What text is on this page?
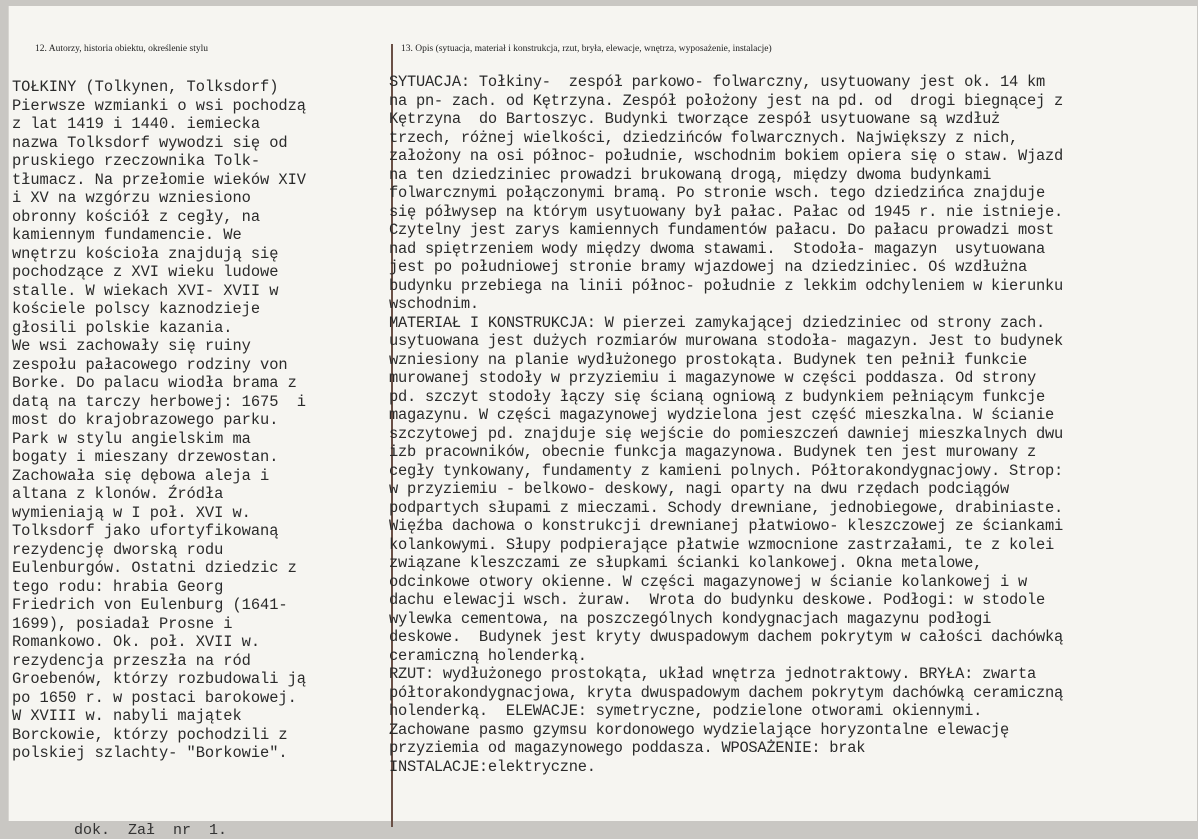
12. Autorzy, historia obiektu, określenie stylu	13. Opis (sytuacja, materiał i konstrukcja, rzut, bryła, elewacje, wnętrza, wyposażenie, instalacje)
TOŁKINY (Tolkynen, Tolksdorf)
Pierwsze wzmianki o wsi pochodzą
z lat 1419 i 1440. iemiecka
nazwa Tolksdorf wywodzi się od
pruskiego rzeczownika Tolk-
tłumacz. Na przełomie wieków XIV
i XV na wzgórzu wzniesiono
obronny kościół z cegły, na
kamiennym fundamencie. We
wnętrzu kościoła znajdują się
pochodzące z XVI wieku ludowe
stalle. W wiekach XVI- XVII w
kościele polscy kaznodzieje
głosili polskie kazania.
We wsi zachowały się ruiny
zespołu pałacowego rodziny von
Borke. Do palacu wiodła brama z
datą na tarczy herbowej: 1675  i
most do krajobrazowego parku.
Park w stylu angielskim ma
bogaty i mieszany drzewostan.
Zachowała się dębowa aleja i
altana z klonów. Źródła
wymieniają w I poł. XVI w.
Tolksdorf jako ufortyfikowaną
rezydencję dworską rodu
Eulenburgów. Ostatni dziedzic z
tego rodu: hrabia Georg
Friedrich von Eulenburg (1641-
1699), posiadał Prosne i
Romankowo. Ok. poł. XVII w.
rezydencja przeszła na ród
Groebenów, którzy rozbudowali ją
po 1650 r. w postaci barokowej.
W XVIII w. nabyli majątek
Borckowie, którzy pochodzili z
polskiej szlachty- "Borkowie".
SYTUACJA: Tołkiny-  zespół parkowo- folwarczny, usytuowany jest ok. 14 km
na pn- zach. od Kętrzyna. Zespół położony jest na pd. od  drogi biegnącej z
Kętrzyna  do Bartoszyc. Budynki tworzące zespół usytuowane są wzdłuż
trzech, różnej wielkości, dziedzińców folwarcznych. Największy z nich,
założony na osi północ- południe, wschodnim bokiem opiera się o staw. Wjazd
na ten dziedziniec prowadzi brukowaną drogą, między dwoma budynkami
folwarcznymi połączonymi bramą. Po stronie wsch. tego dziedzińca znajduje
się półwysep na którym usytuowany był pałac. Pałac od 1945 r. nie istnieje.
Czytelny jest zarys kamiennych fundamentów pałacu. Do pałacu prowadzi most
nad spiętrzeniem wody między dwoma stawami.  Stodoła- magazyn  usytuowana
jest po południowej stronie bramy wjazdowej na dziedziniec. Oś wzdłużna
budynku przebiega na linii północ- południe z lekkim odchyleniem w kierunku
wschodnim.
MATERIAŁ I KONSTRUKCJA: W pierzei zamykającej dziedziniec od strony zach.
usytuowana jest dużych rozmiarów murowana stodoła- magazyn. Jest to budynek
wzniesiony na planie wydłużonego prostokąta. Budynek ten pełnił funkcie
murowanej stodoły w przyziemiu i magazynowe w części poddasza. Od strony
pd. szczyt stodoły łączy się ścianą ogniową z budynkiem pełniącym funkcje
magazynu. W części magazynowej wydzielona jest część mieszkalna. W ścianie
szczytowej pd. znajduje się wejście do pomieszczeń dawniej mieszkalnych dwu
izb pracowników, obecnie funkcja magazynowa. Budynek ten jest murowany z
cegły tynkowany, fundamenty z kamieni polnych. Półtorakondygnacjowy. Strop:
w przyziemiu - belkowo- deskowy, nagi oparty na dwu rzędach podciągów
podpartych słupami z mieczami. Schody drewniane, jednobiegowe, drabiniaste.
Więźba dachowa o konstrukcji drewnianej płatwiowo- kleszczowej ze ściankami
kolankowymi. Słupy podpierające płatwie wzmocnione zastrzałami, te z kolei
związane kleszczami ze słupkami ścianki kolankowej. Okna metalowe,
odcinkowe otwory okienne. W części magazynowej w ścianie kolankowej i w
dachu elewacji wsch. żuraw.  Wrota do budynku deskowe. Podłogi: w stodole
wylewka cementowa, na poszczególnych kondygnacjach magazynu podłogi
deskowe.  Budynek jest kryty dwuspadowym dachem pokrytym w całości dachówką
ceramiczną holenderką.
RZUT: wydłużonego prostokąta, układ wnętrza jednotraktowy. BRYŁA: zwarta
półtorakondygnacjowa, kryta dwuspadowym dachem pokrytym dachówką ceramiczną
holenderką.  ELEWACJE: symetryczne, podzielone otworami okiennymi.
Zachowane pasmo gzymsu kordonowego wydzielające horyzontalne elewację
przyziemia od magazynowego poddasza. WPOSAŻENIE: brak
INSTALACJE:elektryczne.
dok.  Zał  nr  1.
